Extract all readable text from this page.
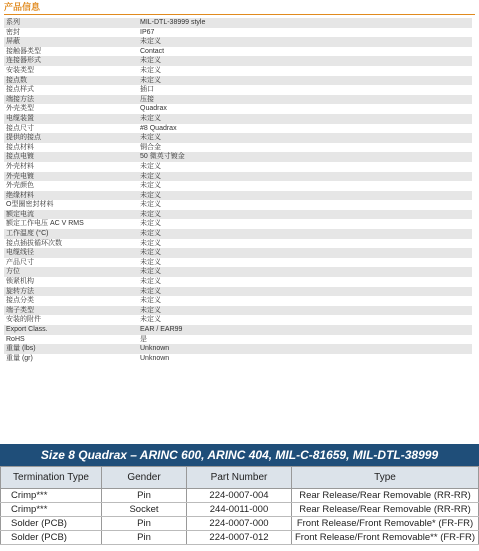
产品信息
系列	MIL-DTL-38999 style
密封	IP67
屏蔽	未定义
接触器类型	Contact
连接器形式	未定义
安装类型	未定义
接点数	未定义
接点样式	插口
端接方法	压接
外壳类型	Quadrax
电缆装置	未定义
接点尺寸	#8 Quadrax
提供的接点	未定义
接点材料	铜合金
接点电镀	50 微英寸镀金
外壳材料	未定义
外壳电镀	未定义
外壳颜色	未定义
绝缘材料	未定义
O型圈密封材料	未定义
额定电流	未定义
额定工作电压 AC V RMS	未定义
工作温度 (°C)	未定义
接点插拔循环次数	未定义
电缆线径	未定义
产品尺寸	未定义
方位	未定义
锁紧机构	未定义
旋转方法	未定义
接点分类	未定义
端子类型	未定义
安装的附件	未定义
Export Class.	EAR / EAR99
RoHS	是
重量 (lbs)	Unknown
重量 (gr)	Unknown
Size 8 Quadrax – ARINC 600, ARINC 404, MIL-C-81659, MIL-DTL-38999
Termination Type	Gender	Part Number	Type
Crimp***	Pin	224-0007-004	Rear Release/Rear Removable (RR-RR)
Crimp***	Socket	244-0011-000	Rear Release/Rear Removable (RR-RR)
Solder (PCB)	Pin	224-0007-000	Front Release/Front Removable* (FR-FR)
Solder (PCB)	Pin	224-0007-012	Front Release/Front Removable** (FR-FR)
